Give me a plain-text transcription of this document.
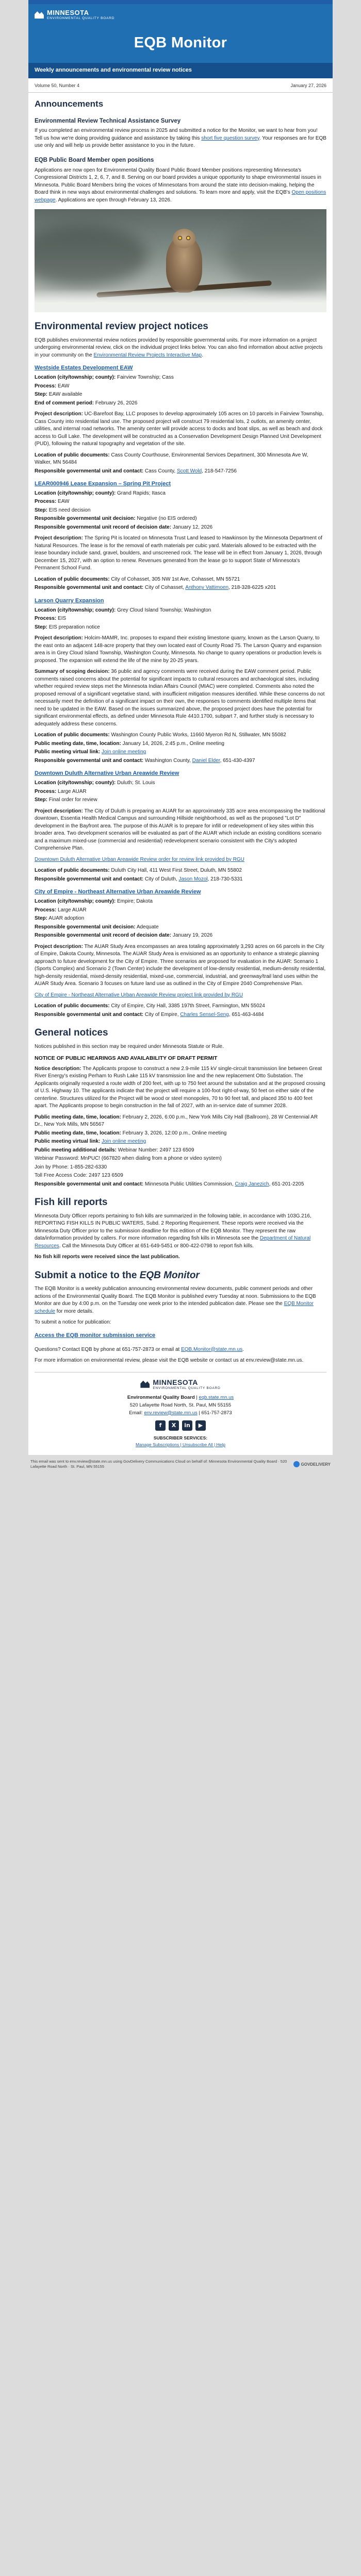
MINNESOTA
ENVIRONMENTAL QUALITY BOARD
EQB Monitor
Weekly announcements and environmental review notices
Volume 50, Number 4	January 27, 2026
Announcements
Environmental Review Technical Assistance Survey

If you completed an environmental review process in 2025 and submitted a notice for the Monitor, we want to hear from you! Tell us how we're doing providing guidance and assistance by taking this short five question survey. Your responses are for EQB use only and will help us provide better assistance to you in the future.

EQB Public Board Member open positions

Applications are now open for Environmental Quality Board Public Board Member positions representing Minnesota's Congressional Districts 1, 2, 6, 7, and 8. Serving on our board provides a unique opportunity to shape environmental issues in Minnesota. Public Board Members bring the voices of Minnesotans from around the state into decision-making, helping the Board think in new ways about environmental challenges and solutions. To learn more and apply, visit the EQB's Open positions webpage. Applications are open through February 13, 2026.

Environmental review project notices

EQB publishes environmental review notices provided by responsible governmental units. For more information on a project undergoing environmental review, click on the individual project links below. You can also find information about active projects in your community on the Environmental Review Projects Interactive Map.

Westside Estates Development EAW

Location (city/township; county): Fairview Township; Cass

Process: EAW

Step: EAW available

End of comment period: February 26, 2026

Project description: UC-Barefoot Bay, LLC proposes to develop approximately 105 acres on 10 parcels in Fairview Township, Cass County into residential land use. The proposed project will construct 79 residential lots, 2 outlots, an amenity center, utilities, and internal road networks. The amenity center will provide access to docks and boat slips, as well as beach and dock access to Gull Lake. The development will be constructed as a Conservation Development Design Planned Unit Development (PUD), following the natural topography and vegetation of the site.

Location of public documents: Cass County Courthouse, Environmental Services Department, 300 Minnesota Ave W, Walker, MN 56484

Responsible governmental unit and contact: Cass County, Scott Wold, 218-547-7256

LEAR000946 Lease Expansion – Spring Pit Project

Location (city/township; county): Grand Rapids; Itasca

Process: EAW

Step: EIS need decision

Responsible governmental unit decision: Negative (no EIS ordered)

Responsible governmental unit record of decision date: January 12, 2026

Project description: The Spring Pit is located on Minnesota Trust Land leased to Hawkinson by the Minnesota Department of Natural Resources. The lease is for the removal of earth materials per cubic yard. Materials allowed to be extracted with the lease boundary include sand, gravel, boulders, and unscreened rock. The lease will be in effect from January 1, 2026, through December 15, 2027, with an option to renew. Revenues generated from the lease go to support State of Minnesota's Permanent School Fund.

Location of public documents: City of Cohasset, 305 NW 1st Ave, Cohasset, MN 55721

Responsible governmental unit and contact: City of Cohasset, Anthony Vattimoen, 218-328-6225 x201

Larson Quarry Expansion

Location (city/township; county): Grey Cloud Island Township; Washington

Process: EIS

Step: EIS preparation notice

Project description: Holcim-MAMR, Inc. proposes to expand their existing limestone quarry, known as the Larson Quarry, to the east onto an adjacent 148-acre property that they own located east of County Road 75. The Larson Quarry and expansion area is in Grey Cloud Island Township, Washington County, Minnesota. No change to quarry operations or production levels is proposed. The expansion will extend the life of the mine by 20-25 years.

Summary of scoping decision: 36 public and agency comments were received during the EAW comment period. Public comments raised concerns about the potential for significant impacts to cultural resources and archaeological sites, including whether required review steps met the Minnesota Indian Affairs Council (MIAC) were completed. Comments also noted the proposed removal of a significant vegetative stand, with insufficient mitigation measures identified. While these concerns do not necessarily meet the definition of a significant impact on their own, the responses to comments identified multiple items that need to be updated in the EAW. Based on the issues summarized above, the proposed project does have the potential for significant environmental effects, as defined under Minnesota Rule 4410.1700, subpart 7, and further study is necessary to adequately address these concerns.

Location of public documents: Washington County Public Works, 11660 Myeron Rd N, Stillwater, MN 55082

Public meeting date, time, location: January 14, 2026, 2:45 p.m., Online meeting

Public meeting virtual link: Join online meeting

Responsible governmental unit and contact: Washington County, Daniel Elder, 651-430-4397

Downtown Duluth Alternative Urban Areawide Review

Location (city/township; county): Duluth; St. Louis

Process: Large AUAR

Step: Final order for review

Project description: The City of Duluth is preparing an AUAR for an approximately 335 acre area encompassing the traditional downtown, Essentia Health Medical Campus and surrounding Hillside neighborhood, as well as the proposed "Lot D" development in the Bayfront area. The purpose of this AUAR is to prepare for infill or redevelopment of key sites within this broader area. Two development scenarios will be evaluated as part of the AUAR which include an existing conditions scenario and a maximum mixed-use (commercial and residential) redevelopment scenario consistent with the City's adopted Comprehensive Plan.

Downtown Duluth Alternative Urban Areawide Review order for review link provided by RGU

Location of public documents: Duluth City Hall, 411 West First Street, Duluth, MN 55802

Responsible governmental unit and contact: City of Duluth, Jason Mozol, 218-730-5331

City of Empire - Northeast Alternative Urban Areawide Review

Location (city/township; county): Empire; Dakota

Process: Large AUAR

Step: AUAR adoption

Responsible governmental unit decision: Adequate

Responsible governmental unit record of decision date: January 19, 2026

Project description: The AUAR Study Area encompasses an area totaling approximately 3,293 acres on 66 parcels in the City of Empire, Dakota County, Minnesota. The AUAR Study Area is envisioned as an opportunity to enhance a strategic planning approach to future development for the City of Empire. Three scenarios are proposed for evaluation in the AUAR: Scenario 1 (Sports Complex) and Scenario 2 (Town Center) include the development of low-density residential, medium-density residential, high-density residential, mixed-density residential, mixed-use, commercial, industrial, and greenway/trail land uses within the AUAR Study Area. Scenario 3 focuses on future land use as outlined in the City of Empire 2040 Comprehensive Plan.

City of Empire - Northeast Alternative Urban Areawide Review project link provided by RGU

Location of public documents: City of Empire, City Hall, 3385 197th Street, Farmington, MN 55024

Responsible governmental unit and contact: City of Empire, Charles Sensel-Seng, 651-463-4484

General notices

Notices published in this section may be required under Minnesota Statute or Rule.

NOTICE OF PUBLIC HEARINGS AND AVAILABILITY OF DRAFT PERMIT

Notice description: The Applicants propose to construct a new 2.9-mile 115 kV single-circuit transmission line between Great River Energy's existing Perham to Rush Lake 115 kV transmission line and the new replacement Otto Substation. The Applicants originally requested a route width of 200 feet, with up to 750 feet around the substation and at the proposed crossing of U.S. Highway 10. The applicants indicate that the project will require a 100-foot right-of-way, 50 feet on either side of the centerline. Structures utilized for the Project will be wood or steel monopoles, 70 to 90 feet tall, and placed 350 to 400 feet apart. The Applicants propose to begin construction in the fall of 2027, with an in-service date of summer 2028.

Public meeting date, time, location: February 2, 2026, 6:00 p.m., New York Mills City Hall (Ballroom), 28 W Centennial AR Dr., New York Mills, MN 56567

Public meeting date, time, location: February 3, 2026, 12:00 p.m., Online meeting

Public meeting virtual link: Join online meeting

Public meeting additional details: Webinar Number: 2497 123 6509

Webinar Password: MnPUC! (667820 when dialing from a phone or video system)

Join by Phone: 1-855-282-6330

Toll Free Access Code: 2497 123 6509

Responsible governmental unit and contact: Minnesota Public Utilities Commission, Craig Janezich, 651-201-2205

Fish kill reports

Minnesota Duty Officer reports pertaining to fish kills are summarized in the following table, in accordance with 103G.216, REPORTING FISH KILLS IN PUBLIC WATERS, Subd. 2 Reporting Requirement. These reports were received via the Minnesota Duty Officer prior to the submission deadline for this edition of the EQB Monitor. They represent the raw data/information provided by callers. For more information regarding fish kills in Minnesota see the Department of Natural Resources. Call the Minnesota Duty Officer at 651-649-5451 or 800-422-0798 to report fish kills.

No fish kill reports were received since the last publication.

Submit a notice to the EQB Monitor

The EQB Monitor is a weekly publication announcing environmental review documents, public comment periods and other actions of the Environmental Quality Board. The EQB Monitor is published every Tuesday at noon. Submissions to the EQB Monitor are due by 4:00 p.m. on the Tuesday one week prior to the intended publication date. Please see the EQB Monitor schedule for more details.

To submit a notice for publication:

Access the EQB monitor submission service

Questions? Contact EQB by phone at 651-757-2873 or email at EQB.Monitor@state.mn.us.

For more information on environmental review, please visit the EQB website or contact us at env.review@state.mn.us.

MINNESOTA
ENVIRONMENTAL QUALITY BOARD
Environmental Quality Board | eqb.state.mn.us
520 Lafayette Road North, St. Paul, MN 55155
Email: env.review@state.mn.us | 651-757-2873
f	X	in	▶
SUBSCRIBER SERVICES:
Manage Subscriptions | Unsubscribe All | Help
This email was sent to env.review@state.mn.us using GovDelivery Communications Cloud on behalf of: Minnesota Environmental Quality Board · 520 Lafayette Road North · St. Paul, MN 55155
GOVDELIVERY
